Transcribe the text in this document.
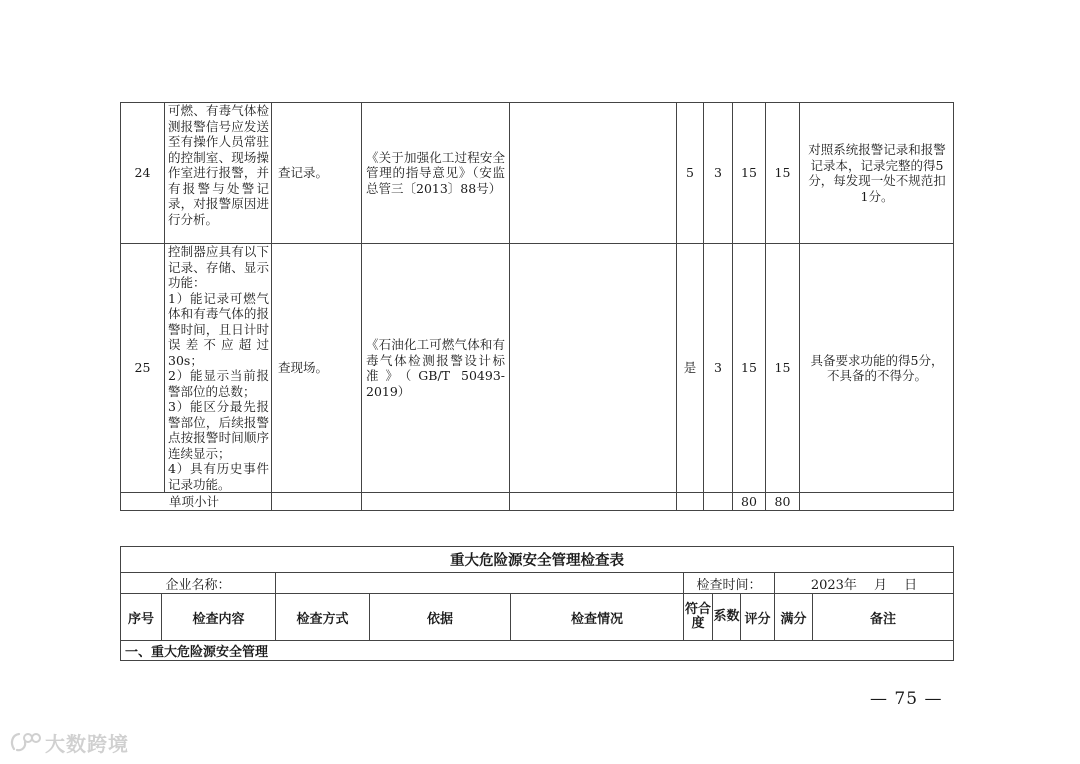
24	可燃、有毒气体检测报警信号应发送至有操作人员常驻的控制室、现场操作室进行报警，并有报警与处警记录，对报警原因进行分析。	查记录。	《关于加强化工过程安全管理的指导意见》（安监总管三〔2013〕88号）		5	3	15	15	对照系统报警记录和报警记录本，记录完整的得5分，每发现一处不规范扣1分。
25	控制器应具有以下记录、存储、显示功能：
1）能记录可燃气体和有毒气体的报警时间，且日计时误差不应超过30s；
2）能显示当前报警部位的总数；
3）能区分最先报警部位，后续报警点按报警时间顺序连续显示；
4）具有历史事件记录功能。	查现场。	《石油化工可燃气体和有毒气体检测报警设计标准》（GB/T 50493-2019）		是	3	15	15	具备要求功能的得5分，不具备的不得分。
单项小计							80	80	
重大危险源安全管理检查表									
企业名称：					检查时间：			2023年　 月　 日	
序号	检查内容	检查方式	依据	检查情况	符合度	系数	评分	满分	备注
一、重大危险源安全管理									
— 75 —
大数跨境
